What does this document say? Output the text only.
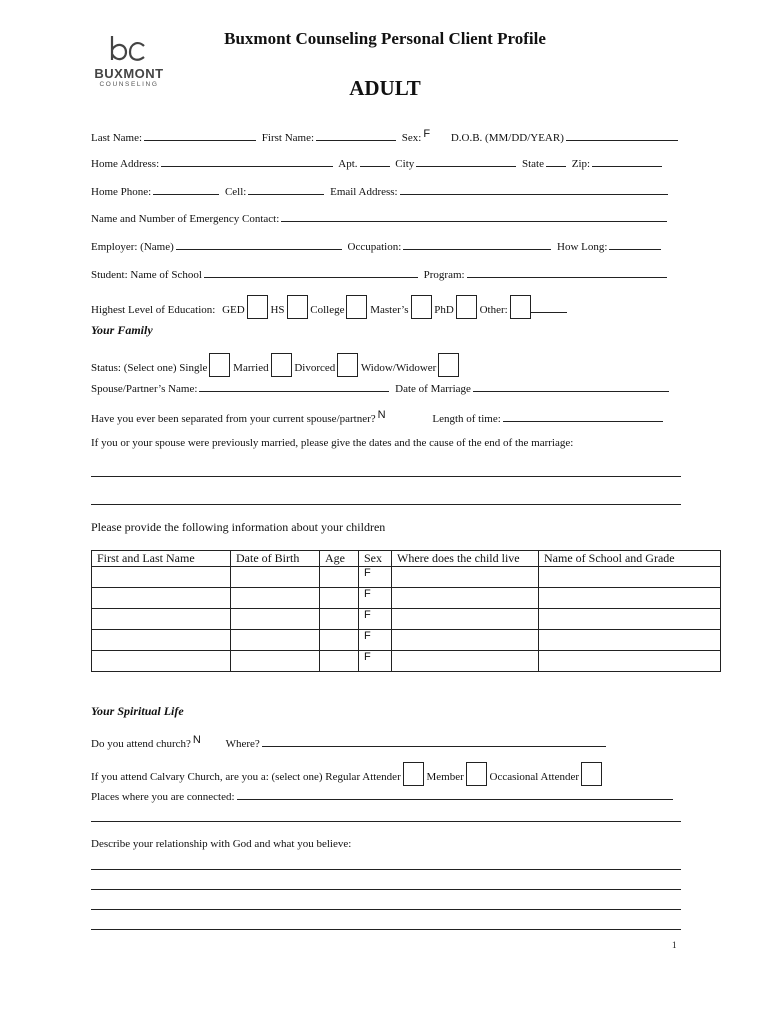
BUXMONT
COUNSELING
Buxmont Counseling Personal Client Profile
ADULT
Last Name:	First Name:	Sex: F D.O.B. (MM/DD/YEAR)
Home Address:	Apt.	City	State	Zip:
Home Phone:	Cell:	Email Address:
Name and Number of Emergency Contact:
Employer: (Name)	Occupation:	How Long:
Student: Name of School	Program:
Highest Level of Education: GED HS College Master’s PhD Other:
Your Family
Status: (Select one) Single Married Divorced Widow/Widower
Spouse/Partner’s Name:	Date of Marriage
Have you ever been separated from your current spouse/partner? N	Length of time:
If you or your spouse were previously married, please give the dates and the cause of the end of the marriage:
Please provide the following information about your children
First and Last Name	Date of Birth	Age	Sex	Where does the child live	Name of School and Grade
			F		
			F		
			F		
			F		
			F		
Your Spiritual Life
Do you attend church? N Where?
If you attend Calvary Church, are you a: (select one) Regular Attender Member Occasional Attender
Places where you are connected:
Describe your relationship with God and what you believe:
1
